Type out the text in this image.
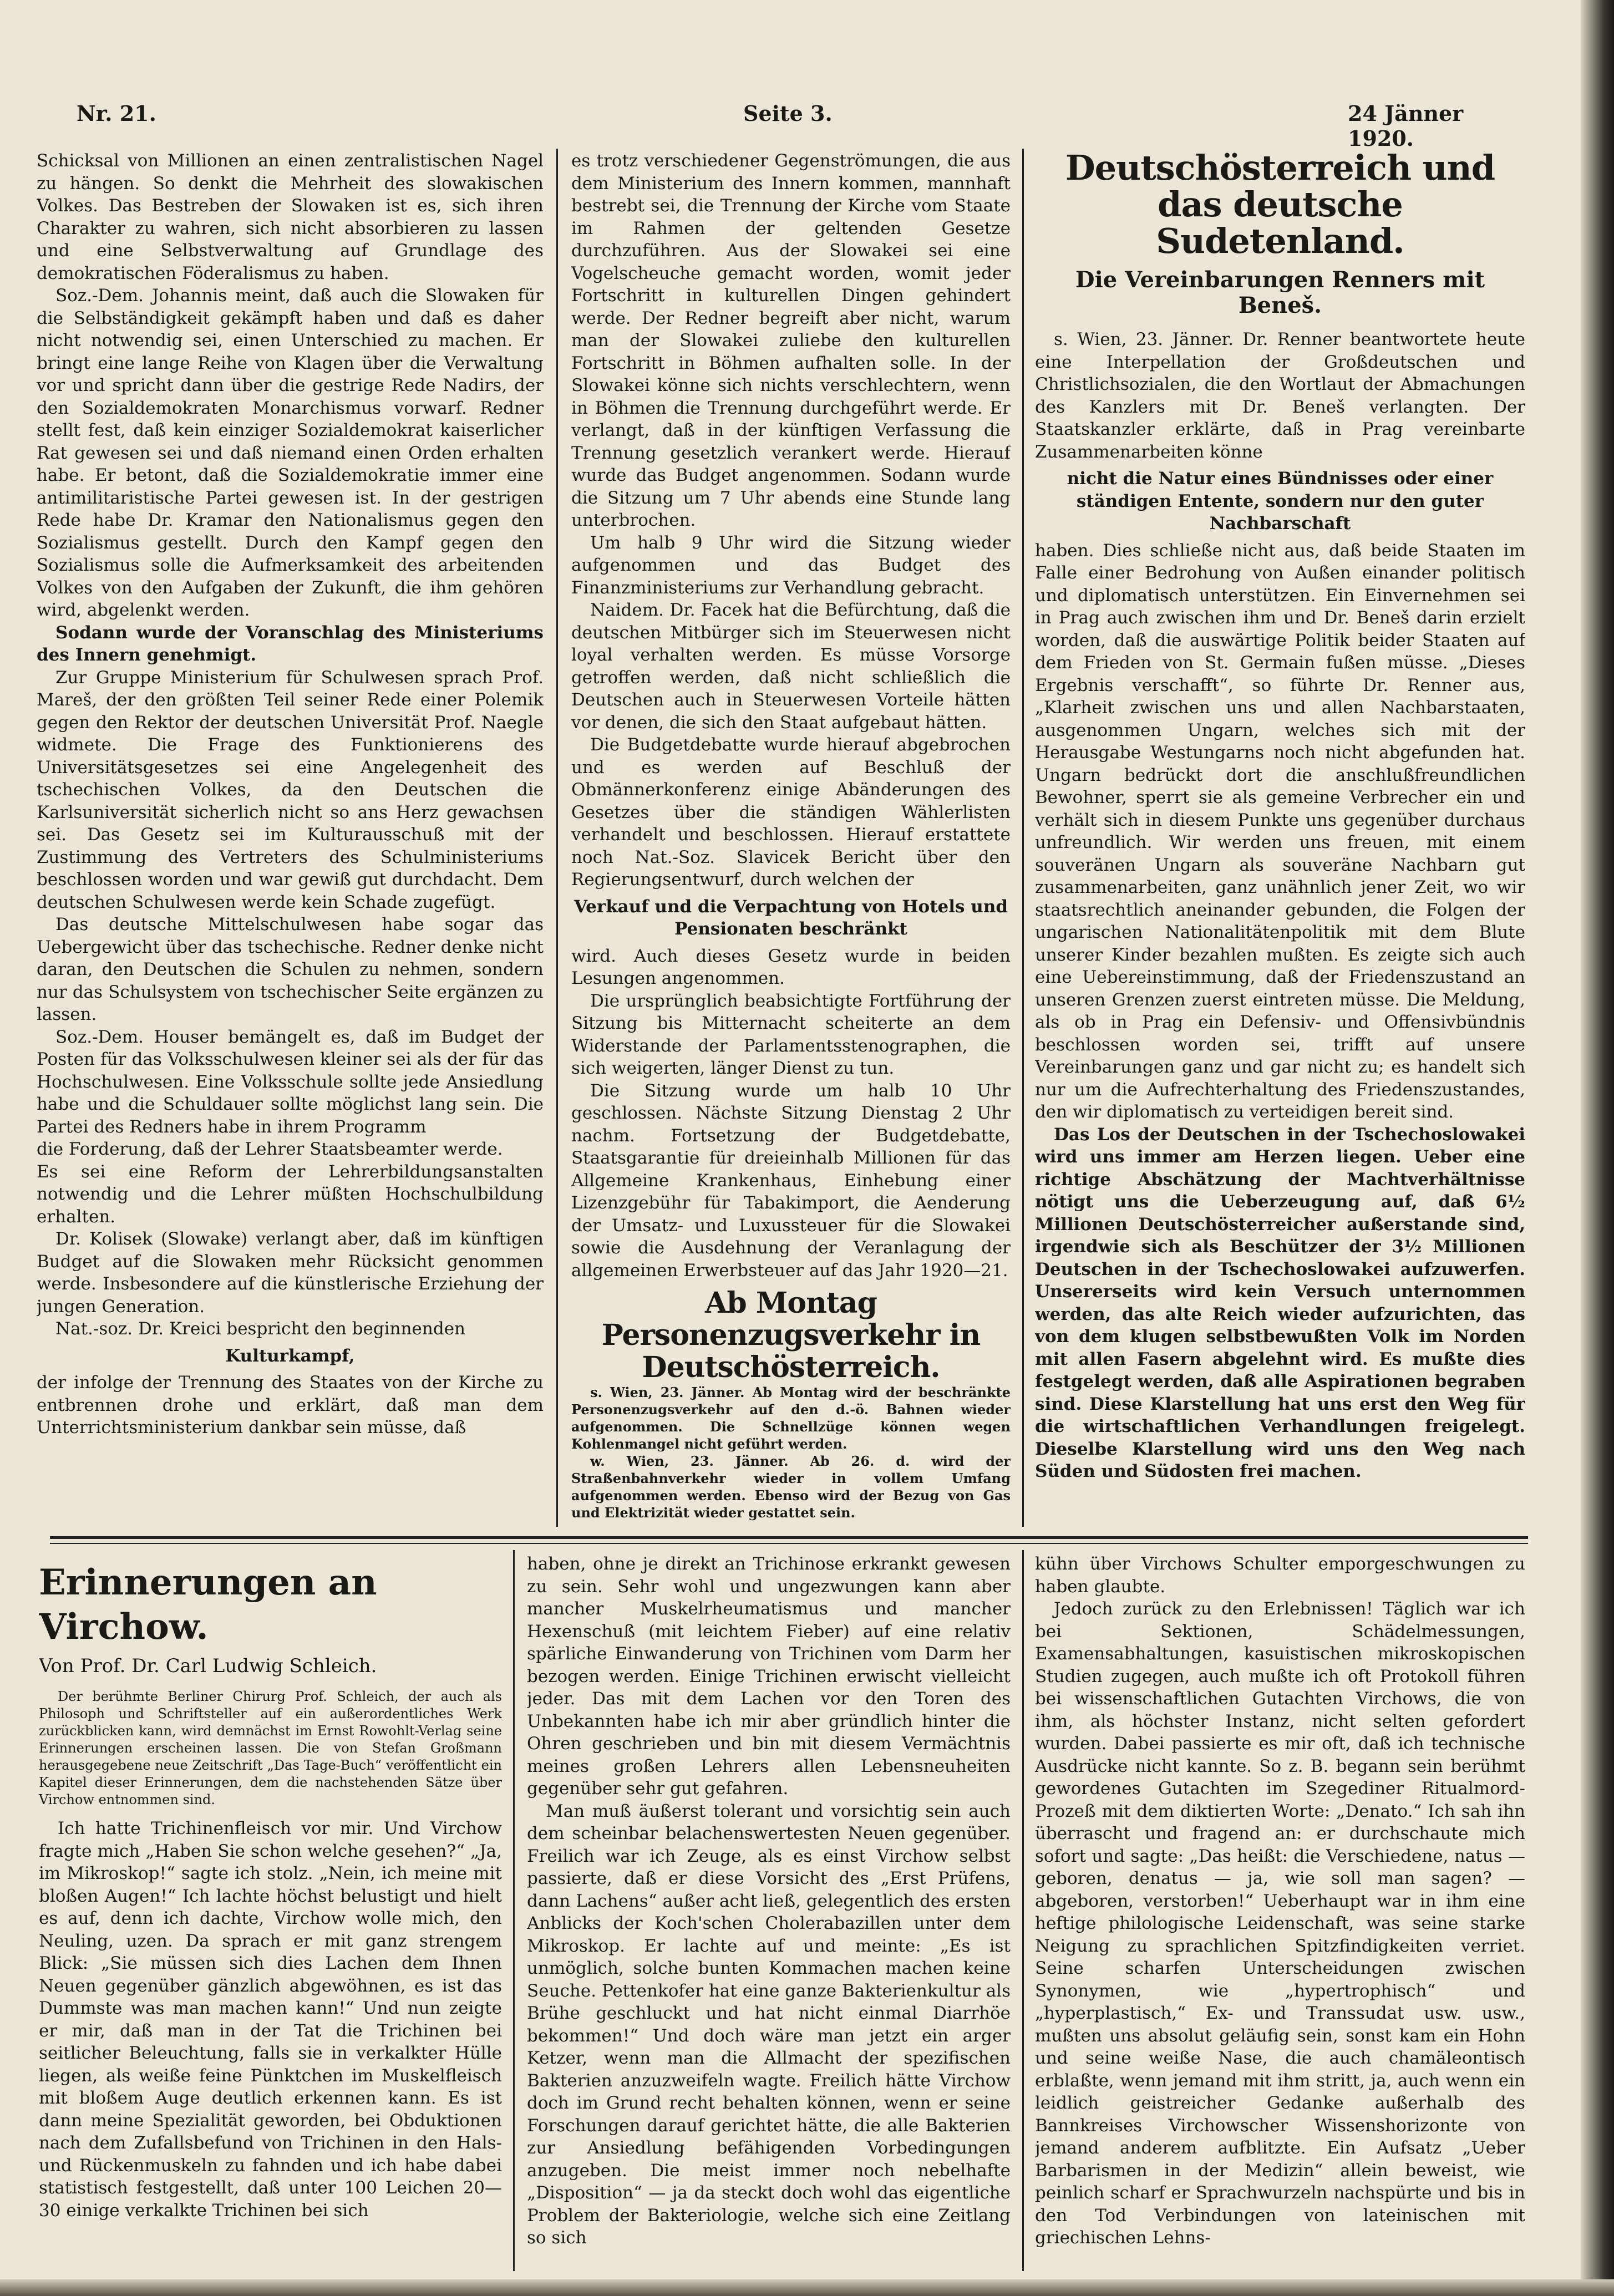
Nr. 21.	Seite 3.	24 Jänner 1920.

Schicksal von Millionen an einen zentralistischen Nagel zu hängen. So denkt die Mehrheit des slowakischen Volkes. Das Bestreben der Slowaken ist es, sich ihren Charakter zu wahren, sich nicht absorbieren zu lassen und eine Selbstverwaltung auf Grundlage des demokratischen Föderalismus zu haben.

Soz.-Dem. Johannis meint, daß auch die Slowaken für die Selbständigkeit gekämpft haben und daß es daher nicht notwendig sei, einen Unterschied zu machen. Er bringt eine lange Reihe von Klagen über die Verwaltung vor und spricht dann über die gestrige Rede Nadirs, der den Sozialdemokraten Monarchismus vorwarf. Redner stellt fest, daß kein einziger Sozialdemokrat kaiserlicher Rat gewesen sei und daß niemand einen Orden erhalten habe. Er betont, daß die Sozialdemokratie immer eine antimilitaristische Partei gewesen ist. In der gestrigen Rede habe Dr. Kramar den Nationalismus gegen den Sozialismus gestellt. Durch den Kampf gegen den Sozialismus solle die Aufmerksamkeit des arbeitenden Volkes von den Aufgaben der Zukunft, die ihm gehören wird, abgelenkt werden.

Sodann wurde der Voranschlag des Ministeriums des Innern genehmigt.

Zur Gruppe Ministerium für Schulwesen sprach Prof. Mareš, der den größten Teil seiner Rede einer Polemik gegen den Rektor der deutschen Universität Prof. Naegle widmete. Die Frage des Funktionierens des Universitätsgesetzes sei eine Angelegenheit des tschechischen Volkes, da den Deutschen die Karlsuniversität sicherlich nicht so ans Herz gewachsen sei. Das Gesetz sei im Kulturausschuß mit der Zustimmung des Vertreters des Schulministeriums beschlossen worden und war gewiß gut durchdacht. Dem deutschen Schulwesen werde kein Schade zugefügt.

Das deutsche Mittelschulwesen habe sogar das Uebergewicht über das tschechische. Redner denke nicht daran, den Deutschen die Schulen zu nehmen, sondern nur das Schulsystem von tschechischer Seite ergänzen zu lassen.

Soz.-Dem. Houser bemängelt es, daß im Budget der Posten für das Volksschulwesen kleiner sei als der für das Hochschulwesen. Eine Volksschule sollte jede Ansiedlung habe und die Schuldauer sollte möglichst lang sein. Die Partei des Redners habe in ihrem Programm

die Forderung, daß der Lehrer Staatsbeamter werde.

Es sei eine Reform der Lehrerbildungsanstalten notwendig und die Lehrer müßten Hochschulbildung erhalten.

Dr. Kolisek (Slowake) verlangt aber, daß im künftigen Budget auf die Slowaken mehr Rücksicht genommen werde. Insbesondere auf die künstlerische Erziehung der jungen Generation.

Nat.-soz. Dr. Kreici bespricht den beginnenden

Kulturkampf,

der infolge der Trennung des Staates von der Kirche zu entbrennen drohe und erklärt, daß man dem Unterrichtsministerium dankbar sein müsse, daß

es trotz verschiedener Gegenströmungen, die aus dem Ministerium des Innern kommen, mannhaft bestrebt sei, die Trennung der Kirche vom Staate im Rahmen der geltenden Gesetze durchzuführen. Aus der Slowakei sei eine Vogelscheuche gemacht worden, womit jeder Fortschritt in kulturellen Dingen gehindert werde. Der Redner begreift aber nicht, warum man der Slowakei zuliebe den kulturellen Fortschritt in Böhmen aufhalten solle. In der Slowakei könne sich nichts verschlechtern, wenn in Böhmen die Trennung durchgeführt werde. Er verlangt, daß in der künftigen Verfassung die Trennung gesetzlich verankert werde. Hierauf wurde das Budget angenommen. Sodann wurde die Sitzung um 7 Uhr abends eine Stunde lang unterbrochen.

Um halb 9 Uhr wird die Sitzung wieder aufgenommen und das Budget des Finanzministeriums zur Verhandlung gebracht.

Naidem. Dr. Facek hat die Befürchtung, daß die deutschen Mitbürger sich im Steuerwesen nicht loyal verhalten werden. Es müsse Vorsorge getroffen werden, daß nicht schließlich die Deutschen auch in Steuerwesen Vorteile hätten vor denen, die sich den Staat aufgebaut hätten.

Die Budgetdebatte wurde hierauf abgebrochen und es werden auf Beschluß der Obmännerkonferenz einige Abänderungen des Gesetzes über die ständigen Wählerlisten verhandelt und beschlossen. Hierauf erstattete noch Nat.-Soz. Slavicek Bericht über den Regierungsentwurf, durch welchen der

Verkauf und die Verpachtung von Hotels und Pensionaten beschränkt

wird. Auch dieses Gesetz wurde in beiden Lesungen angenommen.

Die ursprünglich beabsichtigte Fortführung der Sitzung bis Mitternacht scheiterte an dem Widerstande der Parlamentsstenographen, die sich weigerten, länger Dienst zu tun.

Die Sitzung wurde um halb 10 Uhr geschlossen. Nächste Sitzung Dienstag 2 Uhr nachm. Fortsetzung der Budgetdebatte, Staatsgarantie für dreieinhalb Millionen für das Allgemeine Krankenhaus, Einhebung einer Lizenzgebühr für Tabakimport, die Aenderung der Umsatz- und Luxussteuer für die Slowakei sowie die Ausdehnung der Veranlagung der allgemeinen Erwerbsteuer auf das Jahr 1920—21.

Ab Montag Personenzugsverkehr in Deutschösterreich.

s. Wien, 23. Jänner. Ab Montag wird der beschränkte Personenzugsverkehr auf den d.-ö. Bahnen wieder aufgenommen. Die Schnellzüge können wegen Kohlenmangel nicht geführt werden.

w. Wien, 23. Jänner. Ab 26. d. wird der Straßenbahnverkehr wieder in vollem Umfang aufgenommen werden. Ebenso wird der Bezug von Gas und Elektrizität wieder gestattet sein.

Deutschösterreich und das deutsche Sudetenland.

Die Vereinbarungen Renners mit Beneš.

s. Wien, 23. Jänner. Dr. Renner beantwortete heute eine Interpellation der Großdeutschen und Christlichsozialen, die den Wortlaut der Abmachungen des Kanzlers mit Dr. Beneš verlangten. Der Staatskanzler erklärte, daß in Prag vereinbarte Zusammenarbeiten könne

nicht die Natur eines Bündnisses oder einer ständigen Entente, sondern nur den guter Nachbarschaft

haben. Dies schließe nicht aus, daß beide Staaten im Falle einer Bedrohung von Außen einander politisch und diplomatisch unterstützen. Ein Einvernehmen sei in Prag auch zwischen ihm und Dr. Beneš darin erzielt worden, daß die auswärtige Politik beider Staaten auf dem Frieden von St. Germain fußen müsse. „Dieses Ergebnis verschafft“, so führte Dr. Renner aus, „Klarheit zwischen uns und allen Nachbarstaaten, ausgenommen Ungarn, welches sich mit der Herausgabe Westungarns noch nicht abgefunden hat. Ungarn bedrückt dort die anschlußfreundlichen Bewohner, sperrt sie als gemeine Verbrecher ein und verhält sich in diesem Punkte uns gegenüber durchaus unfreundlich. Wir werden uns freuen, mit einem souveränen Ungarn als souveräne Nachbarn gut zusammenarbeiten, ganz unähnlich jener Zeit, wo wir staatsrechtlich aneinander gebunden, die Folgen der ungarischen Nationalitätenpolitik mit dem Blute unserer Kinder bezahlen mußten. Es zeigte sich auch eine Uebereinstimmung, daß der Friedenszustand an unseren Grenzen zuerst eintreten müsse. Die Meldung, als ob in Prag ein Defensiv- und Offensivbündnis beschlossen worden sei, trifft auf unsere Vereinbarungen ganz und gar nicht zu; es handelt sich nur um die Aufrechterhaltung des Friedenszustandes, den wir diplomatisch zu verteidigen bereit sind.

Das Los der Deutschen in der Tschechoslowakei wird uns immer am Herzen liegen. Ueber eine richtige Abschätzung der Machtverhältnisse nötigt uns die Ueberzeugung auf, daß 6½ Millionen Deutschösterreicher außerstande sind, irgendwie sich als Beschützer der 3½ Millionen Deutschen in der Tschechoslowakei aufzuwerfen. Unsererseits wird kein Versuch unternommen werden, das alte Reich wieder aufzurichten, das von dem klugen selbstbewußten Volk im Norden mit allen Fasern abgelehnt wird. Es mußte dies festgelegt werden, daß alle Aspirationen begraben sind. Diese Klarstellung hat uns erst den Weg für die wirtschaftlichen Verhandlungen freigelegt. Dieselbe Klarstellung wird uns den Weg nach Süden und Südosten frei machen.

Erinnerungen an Virchow.

Von Prof. Dr. Carl Ludwig Schleich.

Der berühmte Berliner Chirurg Prof. Schleich, der auch als Philosoph und Schriftsteller auf ein außerordentliches Werk zurückblicken kann, wird demnächst im Ernst Rowohlt-Verlag seine Erinnerungen erscheinen lassen. Die von Stefan Großmann herausgegebene neue Zeitschrift „Das Tage-Buch“ veröffentlicht ein Kapitel dieser Erinnerungen, dem die nachstehenden Sätze über Virchow entnommen sind.

Ich hatte Trichinenfleisch vor mir. Und Virchow fragte mich „Haben Sie schon welche gesehen?“ „Ja, im Mikroskop!“ sagte ich stolz. „Nein, ich meine mit bloßen Augen!“ Ich lachte höchst belustigt und hielt es auf, denn ich dachte, Virchow wolle mich, den Neuling, uzen. Da sprach er mit ganz strengem Blick: „Sie müssen sich dies Lachen dem Ihnen Neuen gegenüber gänzlich abgewöhnen, es ist das Dummste was man machen kann!“ Und nun zeigte er mir, daß man in der Tat die Trichinen bei seitlicher Beleuchtung, falls sie in verkalkter Hülle liegen, als weiße feine Pünktchen im Muskelfleisch mit bloßem Auge deutlich erkennen kann. Es ist dann meine Spezialität geworden, bei Obduktionen nach dem Zufallsbefund von Trichinen in den Hals- und Rückenmuskeln zu fahnden und ich habe dabei statistisch festgestellt, daß unter 100 Leichen 20—30 einige verkalkte Trichinen bei sich

haben, ohne je direkt an Trichinose erkrankt gewesen zu sein. Sehr wohl und ungezwungen kann aber mancher Muskelrheumatismus und mancher Hexenschuß (mit leichtem Fieber) auf eine relativ spärliche Einwanderung von Trichinen vom Darm her bezogen werden. Einige Trichinen erwischt vielleicht jeder. Das mit dem Lachen vor den Toren des Unbekannten habe ich mir aber gründlich hinter die Ohren geschrieben und bin mit diesem Vermächtnis meines großen Lehrers allen Lebensneuheiten gegenüber sehr gut gefahren.

Man muß äußerst tolerant und vorsichtig sein auch dem scheinbar belachenswertesten Neuen gegenüber. Freilich war ich Zeuge, als es einst Virchow selbst passierte, daß er diese Vorsicht des „Erst Prüfens, dann Lachens“ außer acht ließ, gelegentlich des ersten Anblicks der Koch'schen Cholerabazillen unter dem Mikroskop. Er lachte auf und meinte: „Es ist unmöglich, solche bunten Kommachen machen keine Seuche. Pettenkofer hat eine ganze Bakterienkultur als Brühe geschluckt und hat nicht einmal Diarrhöe bekommen!“ Und doch wäre man jetzt ein arger Ketzer, wenn man die Allmacht der spezifischen Bakterien anzuzweifeln wagte. Freilich hätte Virchow doch im Grund recht behalten können, wenn er seine Forschungen darauf gerichtet hätte, die alle Bakterien zur Ansiedlung befähigenden Vorbedingungen anzugeben. Die meist immer noch nebelhafte „Disposition“ — ja da steckt doch wohl das eigentliche Problem der Bakteriologie, welche sich eine Zeitlang so sich

kühn über Virchows Schulter emporgeschwungen zu haben glaubte.

Jedoch zurück zu den Erlebnissen! Täglich war ich bei Sektionen, Schädelmessungen, Examensabhaltungen, kasuistischen mikroskopischen Studien zugegen, auch mußte ich oft Protokoll führen bei wissenschaftlichen Gutachten Virchows, die von ihm, als höchster Instanz, nicht selten gefordert wurden. Dabei passierte es mir oft, daß ich technische Ausdrücke nicht kannte. So z. B. begann sein berühmt gewordenes Gutachten im Szegediner Ritualmord-Prozeß mit dem diktierten Worte: „Denato.“ Ich sah ihn überrascht und fragend an: er durchschaute mich sofort und sagte: „Das heißt: die Verschiedene, natus — geboren, denatus — ja, wie soll man sagen? — abgeboren, verstorben!“ Ueberhaupt war in ihm eine heftige philologische Leidenschaft, was seine starke Neigung zu sprachlichen Spitzfindigkeiten verriet. Seine scharfen Unterscheidungen zwischen Synonymen, wie „hypertrophisch“ und „hyperplastisch,“ Ex- und Transsudat usw. usw., mußten uns absolut geläufig sein, sonst kam ein Hohn und seine weiße Nase, die auch chamäleontisch erblaßte, wenn jemand mit ihm stritt, ja, auch wenn ein leidlich geistreicher Gedanke außerhalb des Bannkreises Virchowscher Wissenshorizonte von jemand anderem aufblitzte. Ein Aufsatz „Ueber Barbarismen in der Medizin“ allein beweist, wie peinlich scharf er Sprachwurzeln nachspürte und bis in den Tod Verbindungen von lateinischen mit griechischen Lehns-
